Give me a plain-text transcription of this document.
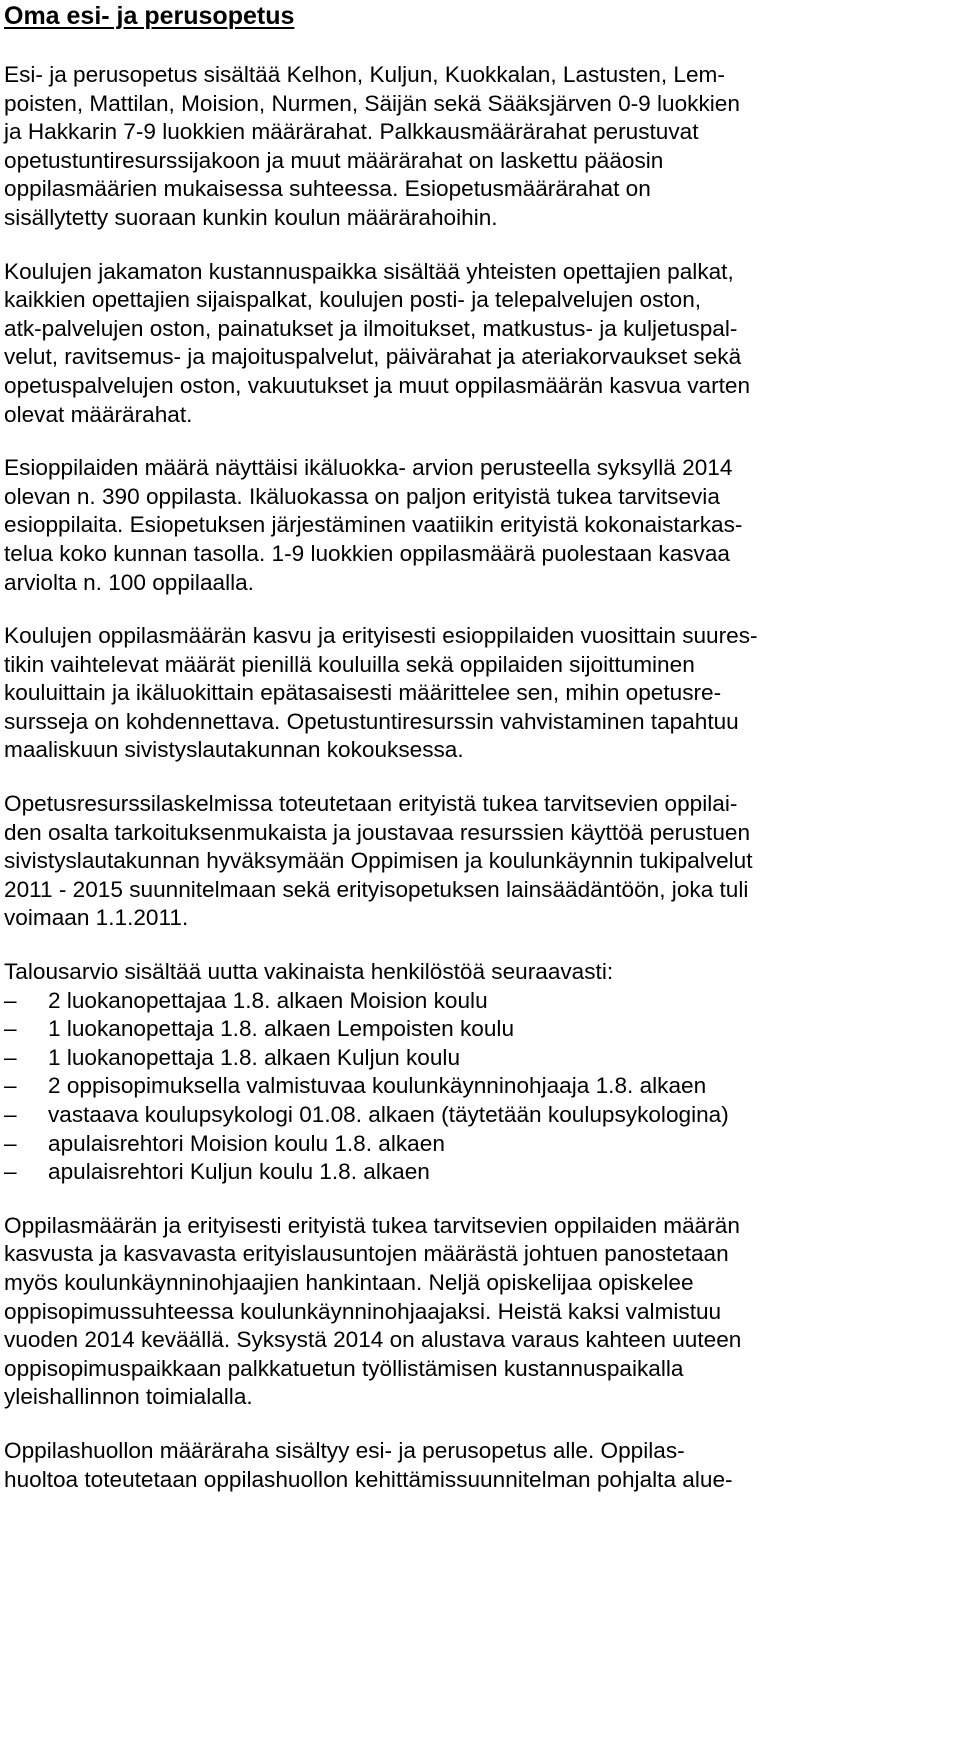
Oma esi- ja perusopetus

Esi- ja perusopetus sisältää Kelhon, Kuljun, Kuokkalan, Lastusten, Lem-
poisten, Mattilan, Moision, Nurmen, Säijän sekä Sääksjärven 0-9 luokkien
ja Hakkarin 7-9 luokkien määrärahat. Palkkausmäärärahat perustuvat
opetustuntiresurssijakoon ja muut määrärahat on laskettu pääosin
oppilasmäärien mukaisessa suhteessa. Esiopetusmäärärahat on
sisällytetty suoraan kunkin koulun määrärahoihin.

Koulujen jakamaton kustannuspaikka sisältää yhteisten opettajien palkat,
kaikkien opettajien sijaispalkat, koulujen posti- ja telepalvelujen oston,
atk-palvelujen oston, painatukset ja ilmoitukset, matkustus- ja kuljetuspal-
velut, ravitsemus- ja majoituspalvelut, päivärahat ja ateriakorvaukset sekä
opetuspalvelujen oston, vakuutukset ja muut oppilasmäärän kasvua varten
olevat määrärahat.

Esioppilaiden määrä näyttäisi ikäluokka- arvion perusteella syksyllä 2014
olevan n. 390 oppilasta. Ikäluokassa on paljon erityistä tukea tarvitsevia
esioppilaita. Esiopetuksen järjestäminen vaatiikin erityistä kokonaistarkas-
telua koko kunnan tasolla. 1-9 luokkien oppilasmäärä puolestaan kasvaa
arviolta n. 100 oppilaalla.

Koulujen oppilasmäärän kasvu ja erityisesti esioppilaiden vuosittain suures-
tikin vaihtelevat määrät pienillä kouluilla sekä oppilaiden sijoittuminen
kouluittain ja ikäluokittain epätasaisesti määrittelee sen, mihin opetusre-
sursseja on kohdennettava. Opetustuntiresurssin vahvistaminen tapahtuu
maaliskuun sivistyslautakunnan kokouksessa.

Opetusresurssilaskelmissa toteutetaan erityistä tukea tarvitsevien oppilai-
den osalta tarkoituksenmukaista ja joustavaa resurssien käyttöä perustuen
sivistyslautakunnan hyväksymään Oppimisen ja koulunkäynnin tukipalvelut
2011 - 2015 suunnitelmaan sekä erityisopetuksen lainsäädäntöön, joka tuli
voimaan 1.1.2011.

Talousarvio sisältää uutta vakinaista henkilöstöä seuraavasti:

–	2 luokanopettajaa 1.8. alkaen Moision koulu
–	1 luokanopettaja 1.8. alkaen Lempoisten koulu
–	1 luokanopettaja 1.8. alkaen Kuljun koulu
–	2 oppisopimuksella valmistuvaa koulunkäynninohjaaja 1.8. alkaen
–	vastaava koulupsykologi 01.08. alkaen (täytetään koulupsykologina)
–	apulaisrehtori Moision koulu 1.8. alkaen
–	apulaisrehtori Kuljun koulu 1.8. alkaen

Oppilasmäärän ja erityisesti erityistä tukea tarvitsevien oppilaiden määrän
kasvusta ja kasvavasta erityislausuntojen määrästä johtuen panostetaan
myös koulunkäynninohjaajien hankintaan. Neljä opiskelijaa opiskelee
oppisopimussuhteessa koulunkäynninohjaajaksi. Heistä kaksi valmistuu
vuoden 2014 keväällä. Syksystä 2014 on alustava varaus kahteen uuteen
oppisopimuspaikkaan palkkatuetun työllistämisen kustannuspaikalla
yleishallinnon toimialalla.

Oppilashuollon määräraha sisältyy esi- ja perusopetus alle. Oppilas-
huoltoa toteutetaan oppilashuollon kehittämissuunnitelman pohjalta alue-
